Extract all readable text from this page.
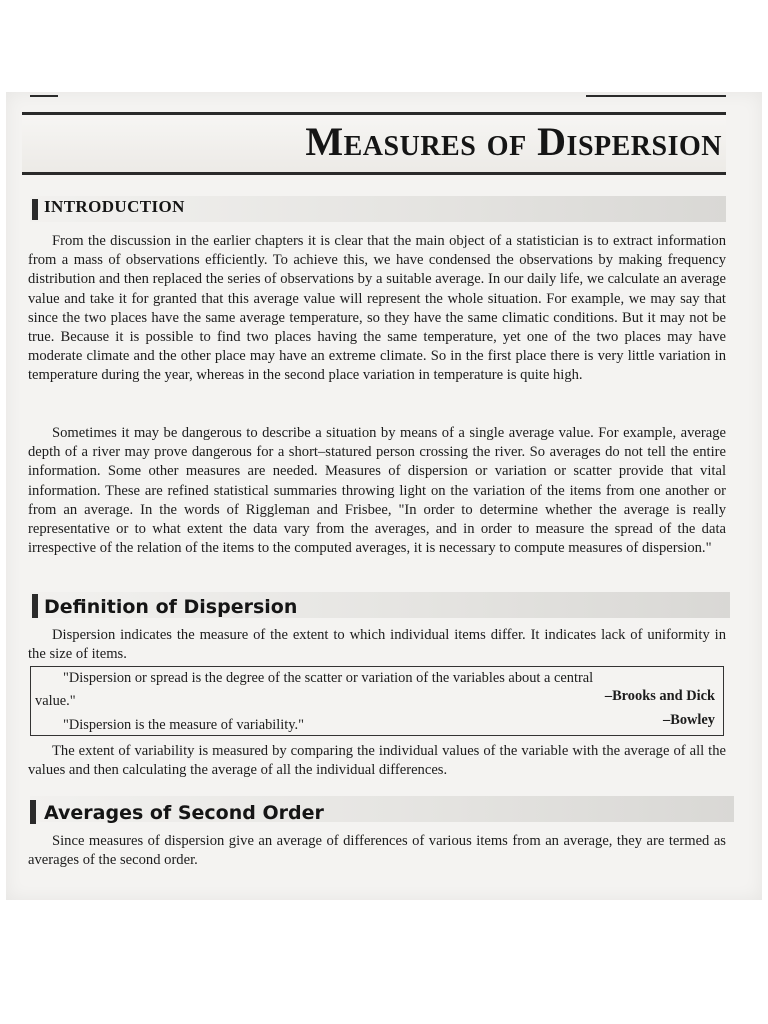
Measures of Dispersion
INTRODUCTION
From the discussion in the earlier chapters it is clear that the main object of a statistician is to extract information from a mass of observations efficiently. To achieve this, we have condensed the observations by making frequency distribution and then replaced the series of observations by a suitable average. In our daily life, we calculate an average value and take it for granted that this average value will represent the whole situation. For example, we may say that since the two places have the same average temperature, so they have the same climatic conditions. But it may not be true. Because it is possible to find two places having the same temperature, yet one of the two places may have moderate climate and the other place may have an extreme climate. So in the first place there is very little variation in temperature during the year, whereas in the second place variation in temperature is quite high.
Sometimes it may be dangerous to describe a situation by means of a single average value. For example, average depth of a river may prove dangerous for a short–statured person crossing the river. So averages do not tell the entire information. Some other measures are needed. Measures of dispersion or variation or scatter provide that vital information. These are refined statistical summaries throwing light on the variation of the items from one another or from an average. In the words of Riggleman and Frisbee, "In order to determine whether the average is really representative or to what extent the data vary from the averages, and in order to measure the spread of the data irrespective of the relation of the items to the computed averages, it is necessary to compute measures of dispersion."
Definition of Dispersion
Dispersion indicates the measure of the extent to which individual items differ. It indicates lack of uniformity in the size of items.
"Dispersion or spread is the degree of the scatter or variation of the variables about a central
–Brooks and Dick
value."
–Bowley
"Dispersion is the measure of variability."
The extent of variability is measured by comparing the individual values of the variable with the average of all the values and then calculating the average of all the individual differences.
Averages of Second Order
Since measures of dispersion give an average of differences of various items from an average, they are termed as averages of the second order.
